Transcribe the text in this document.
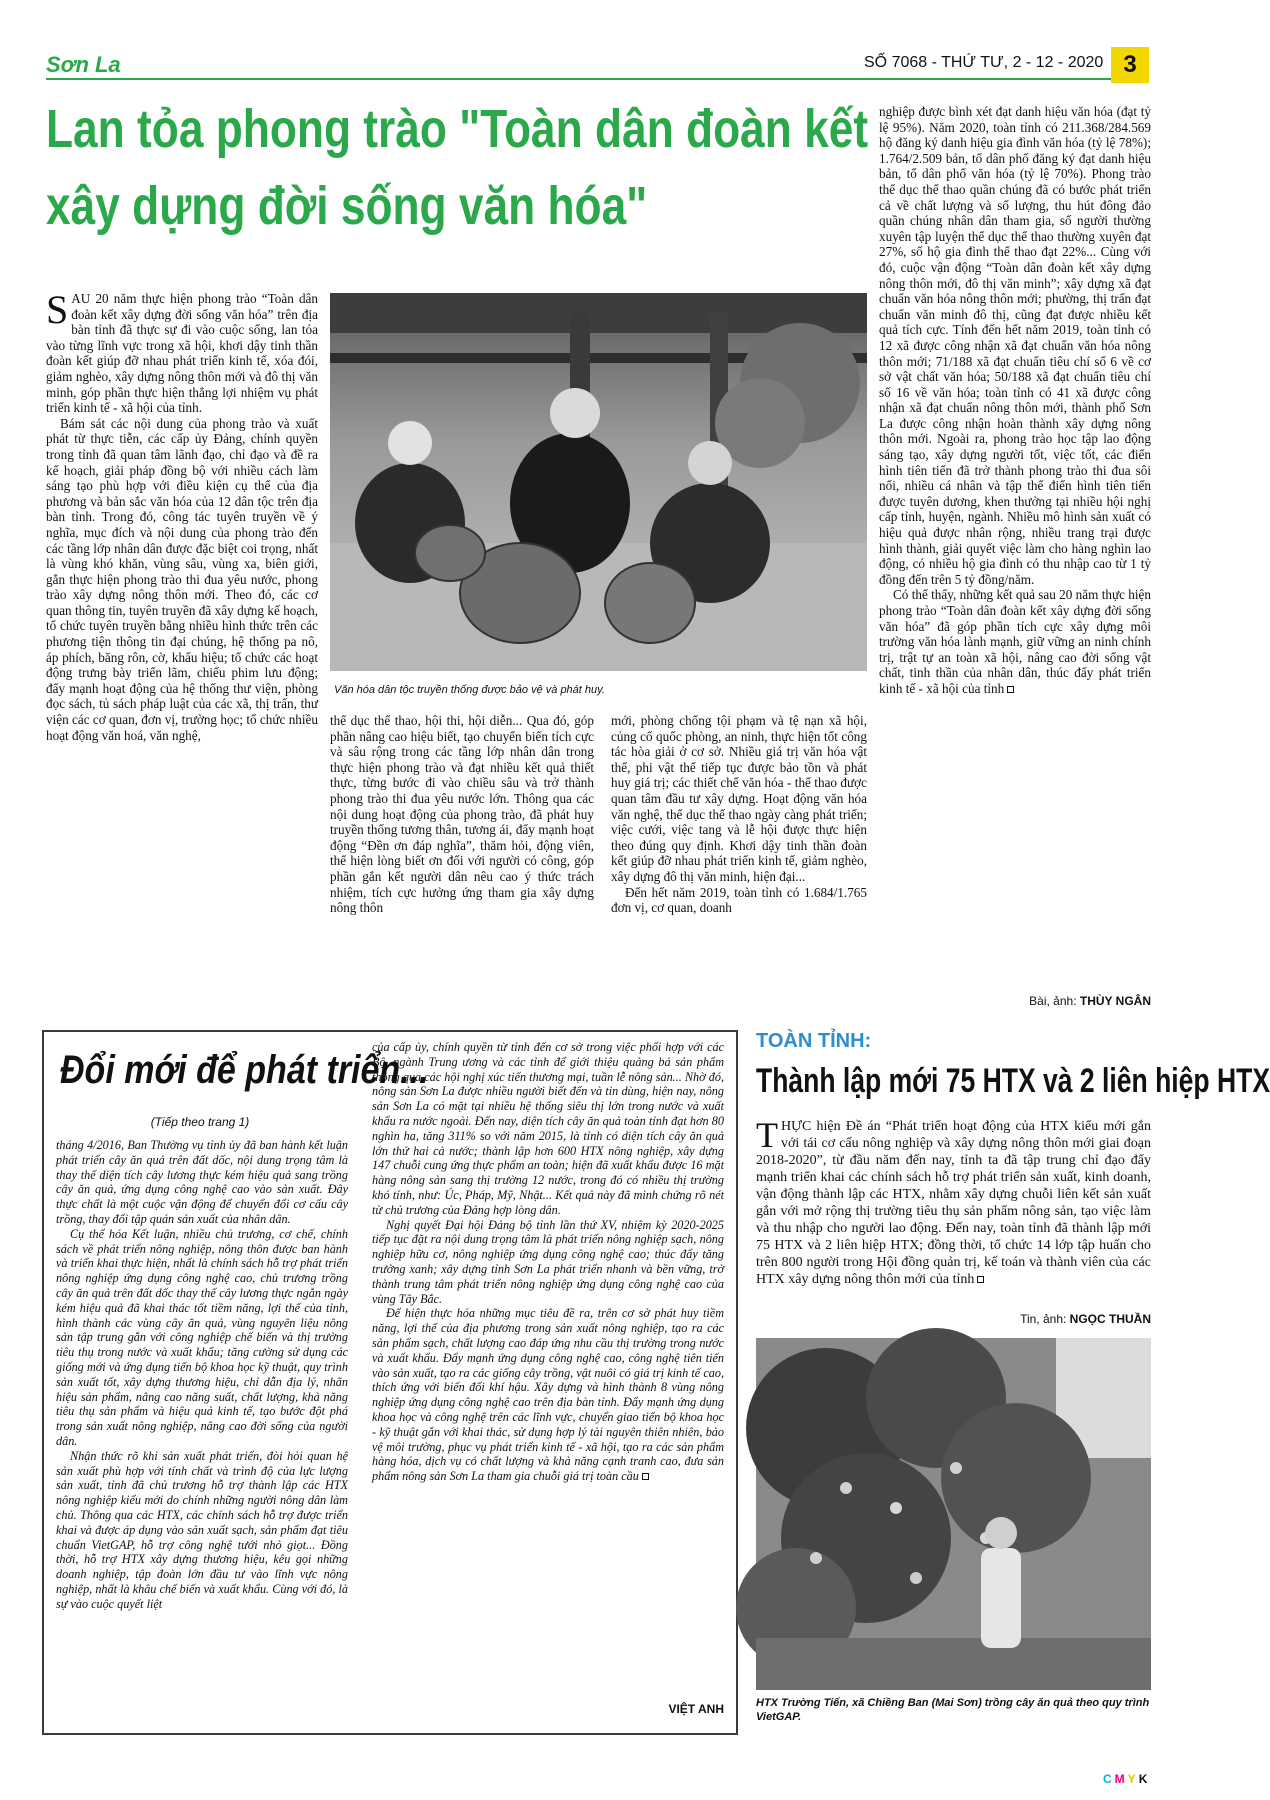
Sơn La	SỐ 7068 - THỨ TƯ, 2 - 12 - 2020 3
Lan tỏa phong trào "Toàn dân đoàn kết
xây dựng đời sống văn hóa"

SAU 20 năm thực hiện phong trào “Toàn dân đoàn kết xây dựng đời sống văn hóa” trên địa bàn tỉnh đã thực sự đi vào cuộc sống, lan tỏa vào từng lĩnh vực trong xã hội, khơi dậy tinh thần đoàn kết giúp đỡ nhau phát triển kinh tế, xóa đói, giảm nghèo, xây dựng nông thôn mới và đô thị văn minh, góp phần thực hiện thắng lợi nhiệm vụ phát triển kinh tế - xã hội của tỉnh.

Bám sát các nội dung của phong trào và xuất phát từ thực tiễn, các cấp ủy Đảng, chính quyền trong tỉnh đã quan tâm lãnh đạo, chỉ đạo và đề ra kế hoạch, giải pháp đồng bộ với nhiều cách làm sáng tạo phù hợp với điều kiện cụ thể của địa phương và bản sắc văn hóa của 12 dân tộc trên địa bàn tỉnh. Trong đó, công tác tuyên truyền về ý nghĩa, mục đích và nội dung của phong trào đến các tầng lớp nhân dân được đặc biệt coi trọng, nhất là vùng khó khăn, vùng sâu, vùng xa, biên giới, gắn thực hiện phong trào thi đua yêu nước, phong trào xây dựng nông thôn mới. Theo đó, các cơ quan thông tin, tuyên truyền đã xây dựng kế hoạch, tổ chức tuyên truyền bằng nhiều hình thức trên các phương tiện thông tin đại chúng, hệ thống pa nô, áp phích, băng rôn, cờ, khẩu hiệu; tổ chức các hoạt động trưng bày triển lãm, chiếu phim lưu động; đẩy mạnh hoạt động của hệ thống thư viện, phòng đọc sách, tủ sách pháp luật của các xã, thị trấn, thư viện các cơ quan, đơn vị, trường học; tổ chức nhiều hoạt động văn hoá, văn nghệ,

Văn hóa dân tộc truyền thống được bảo vệ và phát huy.

thể dục thể thao, hội thi, hội diễn... Qua đó, góp phần nâng cao hiệu biết, tạo chuyển biến tích cực và sâu rộng trong các tầng lớp nhân dân trong thực hiện phong trào và đạt nhiều kết quả thiết thực, từng bước đi vào chiều sâu và trở thành phong trào thi đua yêu nước lớn. Thông qua các nội dung hoạt động của phong trào, đã phát huy truyền thống tương thân, tương ái, đẩy mạnh hoạt động “Đền ơn đáp nghĩa”, thăm hỏi, động viên, thể hiện lòng biết ơn đối với người có công, góp phần gắn kết người dân nêu cao ý thức trách nhiệm, tích cực hưởng ứng tham gia xây dựng nông thôn

mới, phòng chống tội phạm và tệ nạn xã hội, củng cố quốc phòng, an ninh, thực hiện tốt công tác hòa giải ở cơ sở. Nhiều giá trị văn hóa vật thể, phi vật thể tiếp tục được bảo tồn và phát huy giá trị; các thiết chế văn hóa - thể thao được quan tâm đầu tư xây dựng. Hoạt động văn hóa văn nghệ, thể dục thể thao ngày càng phát triển; việc cưới, việc tang và lễ hội được thực hiện theo đúng quy định. Khơi dậy tinh thần đoàn kết giúp đỡ nhau phát triển kinh tế, giảm nghèo, xây dựng đô thị văn minh, hiện đại...

Đến hết năm 2019, toàn tỉnh có 1.684/1.765 đơn vị, cơ quan, doanh

nghiệp được bình xét đạt danh hiệu văn hóa (đạt tỷ lệ 95%). Năm 2020, toàn tỉnh có 211.368/284.569 hộ đăng ký danh hiệu gia đình văn hóa (tỷ lệ 78%); 1.764/2.509 bản, tổ dân phố đăng ký đạt danh hiệu bản, tổ dân phố văn hóa (tỷ lệ 70%). Phong trào thể dục thể thao quần chúng đã có bước phát triển cả về chất lượng và số lượng, thu hút đông đảo quần chúng nhân dân tham gia, số người thường xuyên tập luyện thể dục thể thao thường xuyên đạt 27%, số hộ gia đình thể thao đạt 22%... Cùng với đó, cuộc vận động “Toàn dân đoàn kết xây dựng nông thôn mới, đô thị văn minh”; xây dựng xã đạt chuẩn văn hóa nông thôn mới; phường, thị trấn đạt chuẩn văn minh đô thị, cũng đạt được nhiều kết quả tích cực. Tính đến hết năm 2019, toàn tỉnh có 12 xã được công nhận xã đạt chuẩn văn hóa nông thôn mới; 71/188 xã đạt chuẩn tiêu chí số 6 về cơ sở vật chất văn hóa; 50/188 xã đạt chuẩn tiêu chí số 16 về văn hóa; toàn tỉnh có 41 xã được công nhận xã đạt chuẩn nông thôn mới, thành phố Sơn La được công nhận hoàn thành xây dựng nông thôn mới. Ngoài ra, phong trào học tập lao động sáng tạo, xây dựng người tốt, việc tốt, các điển hình tiên tiến đã trở thành phong trào thi đua sôi nổi, nhiều cá nhân và tập thể điển hình tiên tiến được tuyên dương, khen thưởng tại nhiều hội nghị cấp tỉnh, huyện, ngành. Nhiều mô hình sản xuất có hiệu quả được nhân rộng, nhiều trang trại được hình thành, giải quyết việc làm cho hàng nghìn lao động, có nhiều hộ gia đình có thu nhập cao từ 1 tỷ đồng đến trên 5 tỷ đồng/năm.

Có thể thấy, những kết quả sau 20 năm thực hiện phong trào “Toàn dân đoàn kết xây dựng đời sống văn hóa” đã góp phần tích cực xây dựng môi trường văn hóa lành mạnh, giữ vững an ninh chính trị, trật tự an toàn xã hội, nâng cao đời sống vật chất, tinh thần của nhân dân, thúc đẩy phát triển kinh tế - xã hội của tỉnh

Bài, ảnh: THÙY NGÂN
Đổi mới để phát triển...
(Tiếp theo trang 1)

tháng 4/2016, Ban Thường vụ tỉnh ủy đã ban hành kết luận phát triển cây ăn quả trên đất dốc, nội dung trọng tâm là thay thế diện tích cây lương thực kém hiệu quả sang trồng cây ăn quả, ứng dụng công nghệ cao vào sản xuất. Đây thực chất là một cuộc vận động để chuyển đổi cơ cấu cây trồng, thay đổi tập quán sản xuất của nhân dân.

Cụ thể hóa Kết luận, nhiều chủ trương, cơ chế, chính sách về phát triển nông nghiệp, nông thôn được ban hành và triển khai thực hiện, nhất là chính sách hỗ trợ phát triển nông nghiệp ứng dụng công nghệ cao, chủ trương trồng cây ăn quả trên đất dốc thay thế cây lương thực ngắn ngày kém hiệu quả đã khai thác tốt tiềm năng, lợi thế của tỉnh, hình thành các vùng cây ăn quả, vùng nguyên liệu nông sản tập trung gắn với công nghiệp chế biến và thị trường tiêu thụ trong nước và xuất khẩu; tăng cường sử dụng các giống mới và ứng dụng tiến bộ khoa học kỹ thuật, quy trình sản xuất tốt, xây dựng thương hiệu, chỉ dẫn địa lý, nhãn hiệu sản phẩm, nâng cao năng suất, chất lượng, khả năng tiêu thụ sản phẩm và hiệu quả kinh tế, tạo bước đột phá trong sản xuất nông nghiệp, nâng cao đời sống của người dân.

Nhận thức rõ khi sản xuất phát triển, đòi hỏi quan hệ sản xuất phù hợp với tính chất và trình độ của lực lượng sản xuất, tỉnh đã chủ trương hỗ trợ thành lập các HTX nông nghiệp kiểu mới do chính những người nông dân làm chủ. Thông qua các HTX, các chính sách hỗ trợ được triển khai và được áp dụng vào sản xuất sạch, sản phẩm đạt tiêu chuẩn VietGAP, hỗ trợ công nghệ tưới nhỏ giọt... Đồng thời, hỗ trợ HTX xây dựng thương hiệu, kêu gọi những doanh nghiệp, tập đoàn lớn đầu tư vào lĩnh vực nông nghiệp, nhất là khâu chế biến và xuất khẩu. Cùng với đó, là sự vào cuộc quyết liệt

của cấp ủy, chính quyền từ tỉnh đến cơ sở trong việc phối hợp với các Bộ, ngành Trung ương và các tỉnh để giới thiệu quảng bá sản phẩm thông qua các hội nghị xúc tiến thương mại, tuần lễ nông sản... Nhờ đó, nông sản Sơn La được nhiều người biết đến và tin dùng, hiện nay, nông sản Sơn La có mặt tại nhiều hệ thống siêu thị lớn trong nước và xuất khẩu ra nước ngoài. Đến nay, diện tích cây ăn quả toàn tỉnh đạt hơn 80 nghìn ha, tăng 311% so với năm 2015, là tỉnh có diện tích cây ăn quả lớn thứ hai cả nước; thành lập hơn 600 HTX nông nghiệp, xây dựng 147 chuỗi cung ứng thực phẩm an toàn; hiện đã xuất khẩu được 16 mặt hàng nông sản sang thị trường 12 nước, trong đó có nhiều thị trường khó tính, như: Úc, Pháp, Mỹ, Nhật... Kết quả này đã minh chứng rõ nét từ chủ trương của Đảng hợp lòng dân.

Nghị quyết Đại hội Đảng bộ tỉnh lần thứ XV, nhiệm kỳ 2020-2025 tiếp tục đặt ra nội dung trọng tâm là phát triển nông nghiệp sạch, nông nghiệp hữu cơ, nông nghiệp ứng dụng công nghệ cao; thúc đẩy tăng trưởng xanh; xây dựng tỉnh Sơn La phát triển nhanh và bền vững, trở thành trung tâm phát triển nông nghiệp ứng dụng công nghệ cao của vùng Tây Bắc.

Để hiện thực hóa những mục tiêu đề ra, trên cơ sở phát huy tiềm năng, lợi thế của địa phương trong sản xuất nông nghiệp, tạo ra các sản phẩm sạch, chất lượng cao đáp ứng nhu cầu thị trường trong nước và xuất khẩu. Đẩy mạnh ứng dụng công nghệ cao, công nghệ tiên tiến vào sản xuất, tạo ra các giống cây trồng, vật nuôi có giá trị kinh tế cao, thích ứng với biến đổi khí hậu. Xây dựng và hình thành 8 vùng nông nghiệp ứng dụng công nghệ cao trên địa bàn tỉnh. Đẩy mạnh ứng dụng khoa học và công nghệ trên các lĩnh vực, chuyển giao tiến bộ khoa học - kỹ thuật gắn với khai thác, sử dụng hợp lý tài nguyên thiên nhiên, bảo vệ môi trường, phục vụ phát triển kinh tế - xã hội, tạo ra các sản phẩm hàng hóa, dịch vụ có chất lượng và khả năng cạnh tranh cao, đưa sản phẩm nông sản Sơn La tham gia chuỗi giá trị toàn cầu

VIỆT ANH
TOÀN TỈNH:
Thành lập mới 75 HTX và 2 liên hiệp HTX

THỰC hiện Đề án “Phát triển hoạt động của HTX kiểu mới gắn với tái cơ cấu nông nghiệp và xây dựng nông thôn mới giai đoạn 2018-2020”, từ đầu năm đến nay, tỉnh ta đã tập trung chỉ đạo đẩy mạnh triển khai các chính sách hỗ trợ phát triển sản xuất, kinh doanh, vận động thành lập các HTX, nhằm xây dựng chuỗi liên kết sản xuất gắn với mở rộng thị trường tiêu thụ sản phẩm nông sản, tạo việc làm và thu nhập cho người lao động. Đến nay, toàn tỉnh đã thành lập mới 75 HTX và 2 liên hiệp HTX; đồng thời, tổ chức 14 lớp tập huấn cho trên 800 người trong Hội đồng quản trị, kế toán và thành viên của các HTX xây dựng nông thôn mới của tỉnh

Tin, ảnh: NGỌC THUẦN
HTX Trường Tiến, xã Chiềng Ban (Mai Sơn) trồng cây ăn quả theo quy trình VietGAP.
C M Y K
